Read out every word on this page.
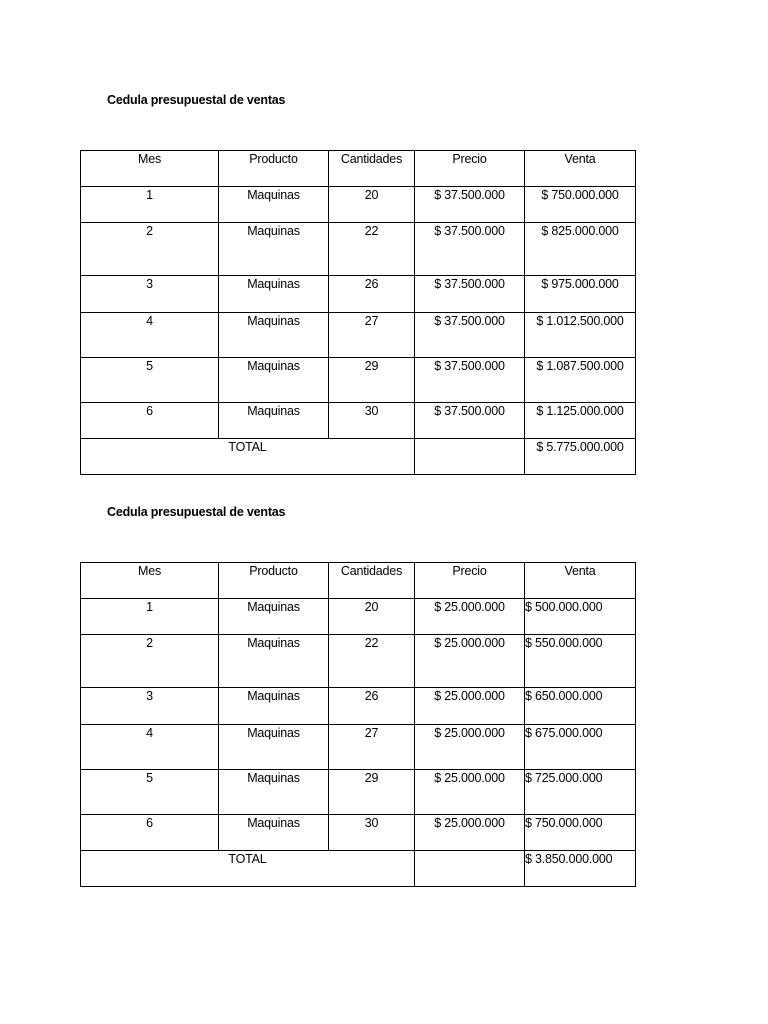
Cedula presupuestal de ventas
Mes	Producto	Cantidades	Precio	Venta
1	Maquinas	20	$ 37.500.000	$ 750.000.000
2	Maquinas	22	$ 37.500.000	$ 825.000.000
3	Maquinas	26	$ 37.500.000	$ 975.000.000
4	Maquinas	27	$ 37.500.000	$ 1.012.500.000
5	Maquinas	29	$ 37.500.000	$ 1.087.500.000
6	Maquinas	30	$ 37.500.000	$ 1.125.000.000
TOTAL				$ 5.775.000.000
Cedula presupuestal de ventas
Mes	Producto	Cantidades	Precio	Venta
1	Maquinas	20	$ 25.000.000	$ 500.000.000
2	Maquinas	22	$ 25.000.000	$ 550.000.000
3	Maquinas	26	$ 25.000.000	$ 650.000.000
4	Maquinas	27	$ 25.000.000	$ 675.000.000
5	Maquinas	29	$ 25.000.000	$ 725.000.000
6	Maquinas	30	$ 25.000.000	$ 750.000.000
TOTAL				$ 3.850.000.000
